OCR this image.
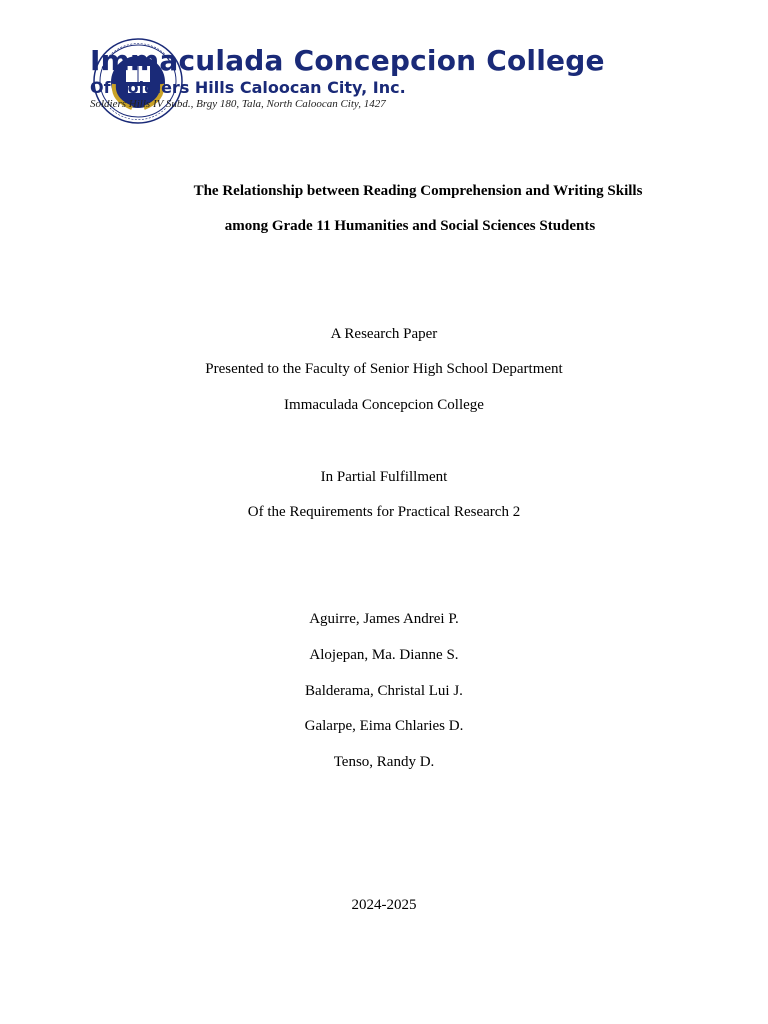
Immaculada Concepcion College
Of Soldiers Hills Caloocan City, Inc.
Soldiers Hills IV Subd., Brgy 180, Tala, North Caloocan City, 1427
The Relationship between Reading Comprehension and Writing Skills
among Grade 11 Humanities and Social Sciences Students
A Research Paper
Presented to the Faculty of Senior High School Department
Immaculada Concepcion College
In Partial Fulfillment
Of the Requirements for Practical Research 2
Aguirre, James Andrei P.
Alojepan, Ma. Dianne S.
Balderama, Christal Lui J.
Galarpe, Eima Chlaries D.
Tenso, Randy D.
2024-2025
